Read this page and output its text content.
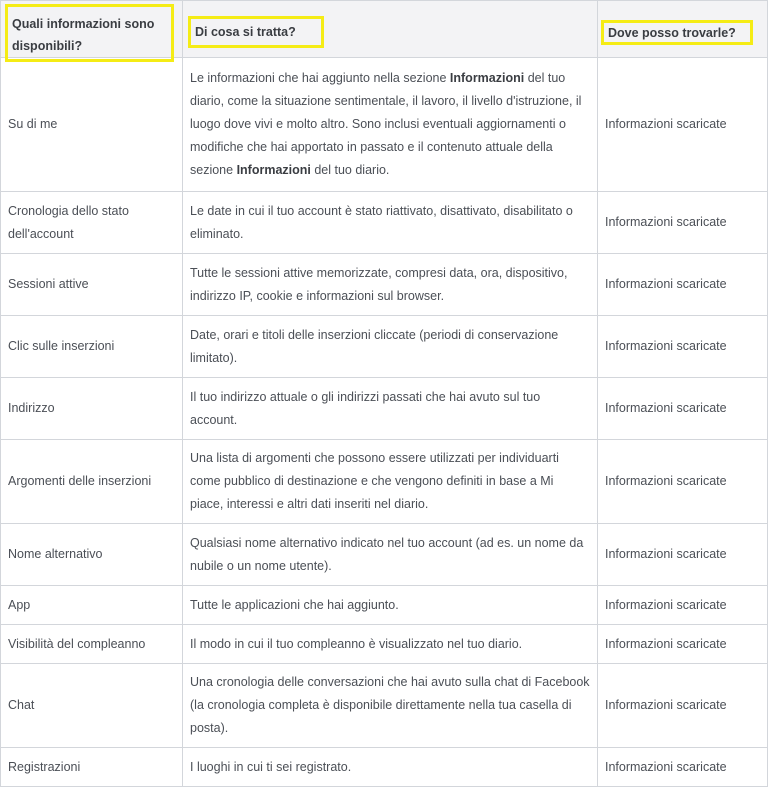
Quali informazioni sono disponibili?	Di cosa si tratta?	Dove posso trovarle?

Su di me	Le informazioni che hai aggiunto nella sezione Informazioni del tuo diario, come la situazione sentimentale, il lavoro, il livello d'istruzione, il luogo dove vivi e molto altro. Sono inclusi eventuali aggiornamenti o modifiche che hai apportato in passato e il contenuto attuale della sezione Informazioni del tuo diario.	Informazioni scaricate
Cronologia dello stato dell'account	Le date in cui il tuo account è stato riattivato, disattivato, disabilitato o eliminato.	Informazioni scaricate
Sessioni attive	Tutte le sessioni attive memorizzate, compresi data, ora, dispositivo, indirizzo IP, cookie e informazioni sul browser.	Informazioni scaricate
Clic sulle inserzioni	Date, orari e titoli delle inserzioni cliccate (periodi di conservazione limitato).	Informazioni scaricate
Indirizzo	Il tuo indirizzo attuale o gli indirizzi passati che hai avuto sul tuo account.	Informazioni scaricate
Argomenti delle inserzioni	Una lista di argomenti che possono essere utilizzati per individuarti come pubblico di destinazione e che vengono definiti in base a Mi piace, interessi e altri dati inseriti nel diario.	Informazioni scaricate
Nome alternativo	Qualsiasi nome alternativo indicato nel tuo account (ad es. un nome da nubile o un nome utente).	Informazioni scaricate
App	Tutte le applicazioni che hai aggiunto.	Informazioni scaricate
Visibilità del compleanno	Il modo in cui il tuo compleanno è visualizzato nel tuo diario.	Informazioni scaricate
Chat	Una cronologia delle conversazioni che hai avuto sulla chat di Facebook (la cronologia completa è disponibile direttamente nella tua casella di posta).	Informazioni scaricate
Registrazioni	I luoghi in cui ti sei registrato.	Informazioni scaricate
